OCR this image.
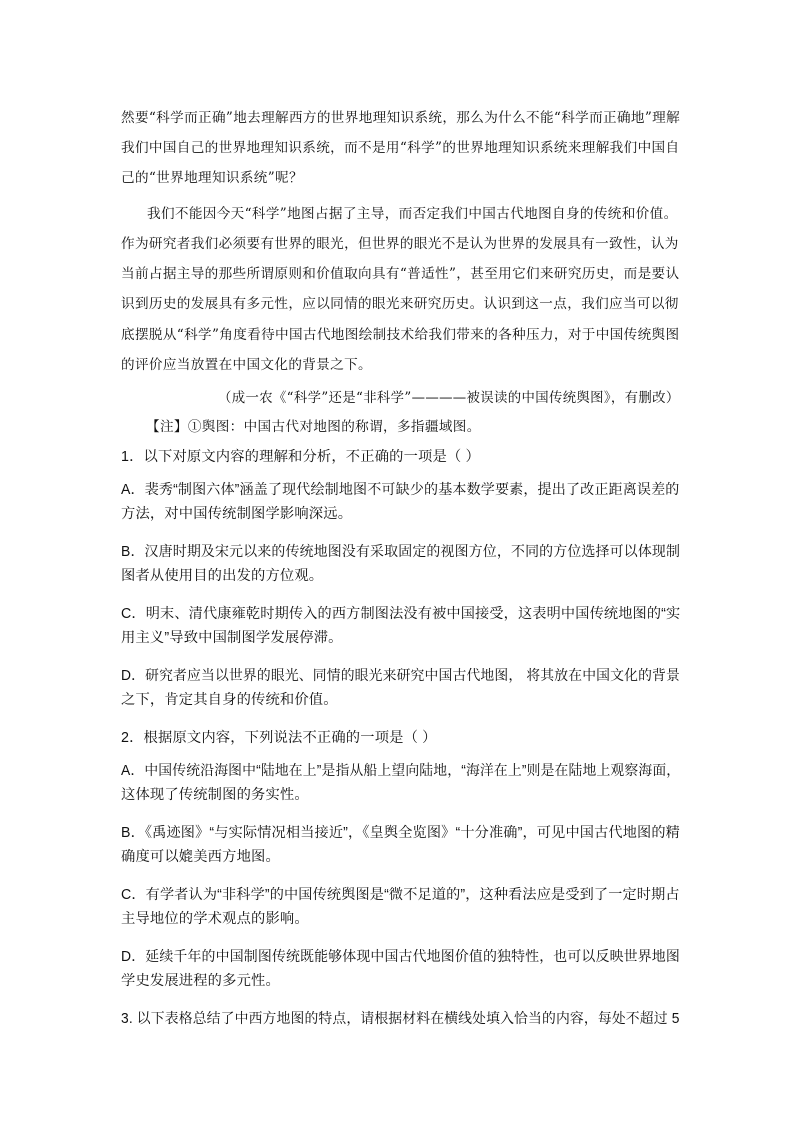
然要“科学而正确”地去理解西方的世界地理知识系统，那么为什么不能“科学而正确地”理解
我们中国自己的世界地理知识系统，而不是用“科学”的世界地理知识系统来理解我们中国自
己的“世界地理知识系统”呢？
我们不能因今天“科学”地图占据了主导，而否定我们中国古代地图自身的传统和价值。
作为研究者我们必须要有世界的眼光，但世界的眼光不是认为世界的发展具有一致性，认为
当前占据主导的那些所谓原则和价值取向具有“普适性”，甚至用它们来研究历史，而是要认
识到历史的发展具有多元性，应以同情的眼光来研究历史。认识到这一点，我们应当可以彻
底摆脱从“科学”角度看待中国古代地图绘制技术给我们带来的各种压力，对于中国传统舆图
的评价应当放置在中国文化的背景之下。
（成一农《“科学”还是“非科学”————被误读的中国传统舆图》，有删改）
【注】①舆图：中国古代对地图的称谓，多指疆域图。
1．以下对原文内容的理解和分析，不正确的一项是（ ）
A．裴秀“制图六体”涵盖了现代绘制地图不可缺少的基本数学要素，提出了改正距离误差的
方法，对中国传统制图学影响深远。
B．汉唐时期及宋元以来的传统地图没有采取固定的视图方位，不同的方位选择可以体现制
图者从使用目的出发的方位观。
C．明末、清代康雍乾时期传入的西方制图法没有被中国接受，这表明中国传统地图的“实
用主义”导致中国制图学发展停滞。
D．研究者应当以世界的眼光、同情的眼光来研究中国古代地图， 将其放在中国文化的背景
之下，肯定其自身的传统和价值。
2．根据原文内容，下列说法不正确的一项是（ ）
A．中国传统沿海图中“陆地在上”是指从船上望向陆地，“海洋在上”则是在陆地上观察海面，
这体现了传统制图的务实性。
B．《禹迹图》“与实际情况相当接近”，《皇舆全览图》“十分准确”，可见中国古代地图的精
确度可以媲美西方地图。
C．有学者认为“非科学”的中国传统舆图是“微不足道的”，这种看法应是受到了一定时期占
主导地位的学术观点的影响。
D．延续千年的中国制图传统既能够体现中国古代地图价值的独特性，也可以反映世界地图
学史发展进程的多元性。
3. 以下表格总结了中西方地图的特点，请根据材料在横线处填入恰当的内容，每处不超过 5
